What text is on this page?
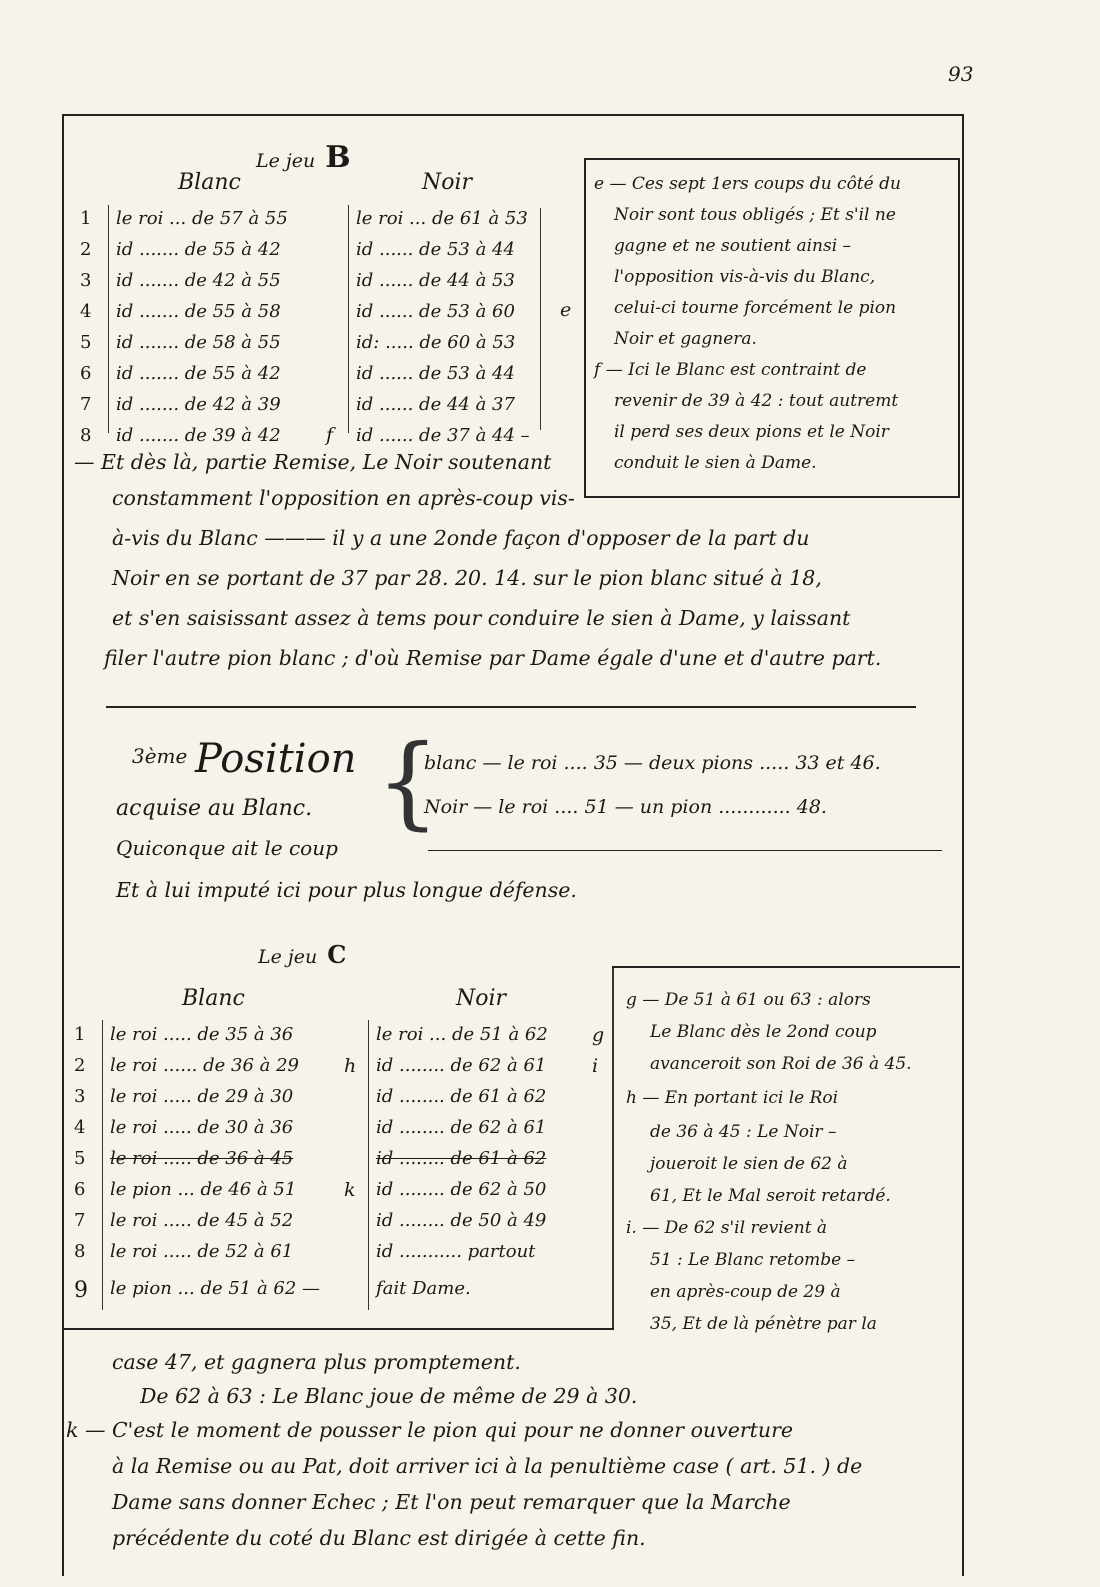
93
Le jeu B
Blanc	Noir
1 le roi ... de 57 à 55	le roi ... de 61 à 53
2 id ....... de 55 à 42	id ...... de 53 à 44
3 id ....... de 42 à 55	id ...... de 44 à 53
4 id ....... de 55 à 58	id ...... de 53 à 60
5 id ....... de 58 à 55	id: ..... de 60 à 53
6 id ....... de 55 à 42	id ...... de 53 à 44
7 id ....... de 42 à 39	id ...... de 44 à 37
8 id ....... de 39 à 42	id ...... de 37 à 44 –
e
f
e — Ces sept 1ers coups du côté du
Noir sont tous obligés ; Et s'il ne
gagne et ne soutient ainsi –
l'opposition vis-à-vis du Blanc,
celui-ci tourne forcément le pion
Noir et gagnera.
f — Ici le Blanc est contraint de
revenir de 39 à 42 : tout autremt
il perd ses deux pions et le Noir
conduit le sien à Dame.
— Et dès là, partie Remise, Le Noir soutenant
constamment l'opposition en après-coup vis-
à-vis du Blanc ——— il y a une 2onde façon d'opposer de la part du
Noir en se portant de 37 par 28. 20. 14. sur le pion blanc situé à 18,
et s'en saisissant assez à tems pour conduire le sien à Dame, y laissant
filer l'autre pion blanc ; d'où Remise par Dame égale d'une et d'autre part.
$^{3ème}$ Position
acquise au Blanc.
Quiconque ait le coup
{
blanc — le roi .... 35 — deux pions ..... 33 et 46.
Noir — le roi .... 51 — un pion ............ 48.
Et à lui imputé ici pour plus longue défense.
Le jeu C
Blanc	Noir
1 le roi ..... de 35 à 36	le roi ... de 51 à 62 g
2 le roi ...... de 36 à 29 h id ........ de 62 à 61 i
3 le roi ..... de 29 à 30	id ........ de 61 à 62
4 le roi ..... de 30 à 36	id ........ de 62 à 61
5 le roi ..... de 36 à 45	id ........ de 61 à 62
6 le pion ... de 46 à 51	k id ........ de 62 à 50
7 le roi ..... de 45 à 52	id ........ de 50 à 49
8 le roi ..... de 52 à 61	id ........... partout
9 le pion ... de 51 à 62 —	fait Dame.
g — De 51 à 61 ou 63 : alors
Le Blanc dès le 2ond coup
avanceroit son Roi de 36 à 45.
h — En portant ici le Roi
de 36 à 45 : Le Noir –
joueroit le sien de 62 à
61, Et le Mal seroit retardé.
i. — De 62 s'il revient à
51 : Le Blanc retombe –
en après-coup de 29 à
35, Et de là pénètre par la
case 47, et gagnera plus promptement.
De 62 à 63 : Le Blanc joue de même de 29 à 30.
k — C'est le moment de pousser le pion qui pour ne donner ouverture
à la Remise ou au Pat, doit arriver ici à la penultième case ( art. 51. ) de
Dame sans donner Echec ; Et l'on peut remarquer que la Marche
précédente du coté du Blanc est dirigée à cette fin.
